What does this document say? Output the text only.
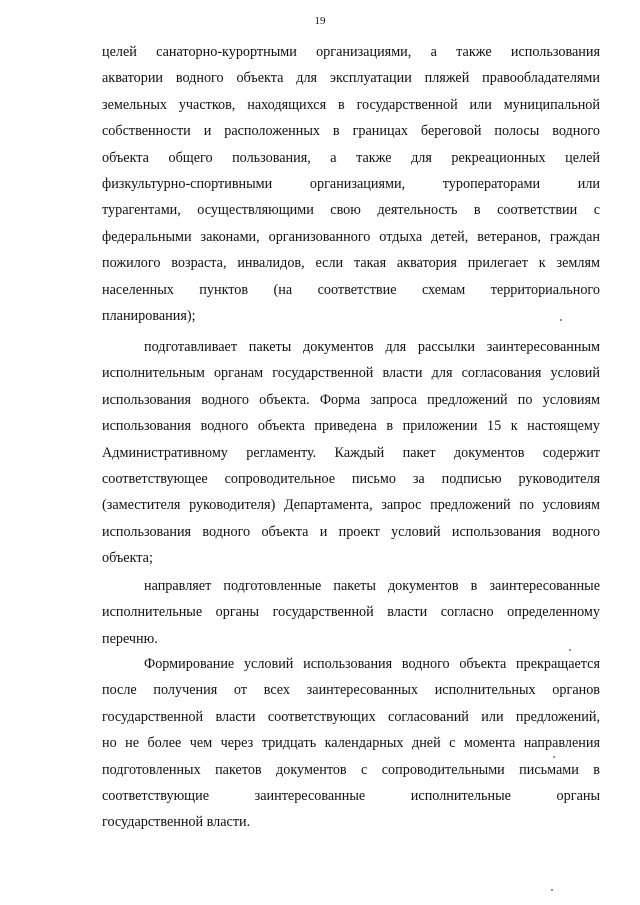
19
целей санаторно-курортными организациями, а также использования
акватории водного объекта для эксплуатации пляжей правообладателями
земельных участков, находящихся в государственной или муниципальной
собственности и расположенных в границах береговой полосы водного
объекта общего пользования, а также для рекреационных целей
физкультурно-спортивными организациями, туроператорами или
турагентами, осуществляющими свою деятельность в соответствии с
федеральными законами, организованного отдыха детей, ветеранов, граждан
пожилого возраста, инвалидов, если такая акватория прилегает к землям
населенных пунктов (на соответствие схемам территориального
планирования);
подготавливает пакеты документов для рассылки заинтересованным
исполнительным органам государственной власти для согласования условий
использования водного объекта. Форма запроса предложений по условиям
использования водного объекта приведена в приложении 15 к настоящему
Административному регламенту. Каждый пакет документов содержит
соответствующее сопроводительное письмо за подписью руководителя
(заместителя руководителя) Департамента, запрос предложений по условиям
использования водного объекта и проект условий использования водного
объекта;
направляет подготовленные пакеты документов в заинтересованные
исполнительные органы государственной власти согласно определенному
перечню.
Формирование условий использования водного объекта прекращается
после получения от всех заинтересованных исполнительных органов
государственной власти соответствующих согласований или предложений,
но не более чем через тридцать календарных дней с момента направления
подготовленных пакетов документов с сопроводительными письмами в
соответствующие заинтересованные исполнительные органы
государственной власти.
